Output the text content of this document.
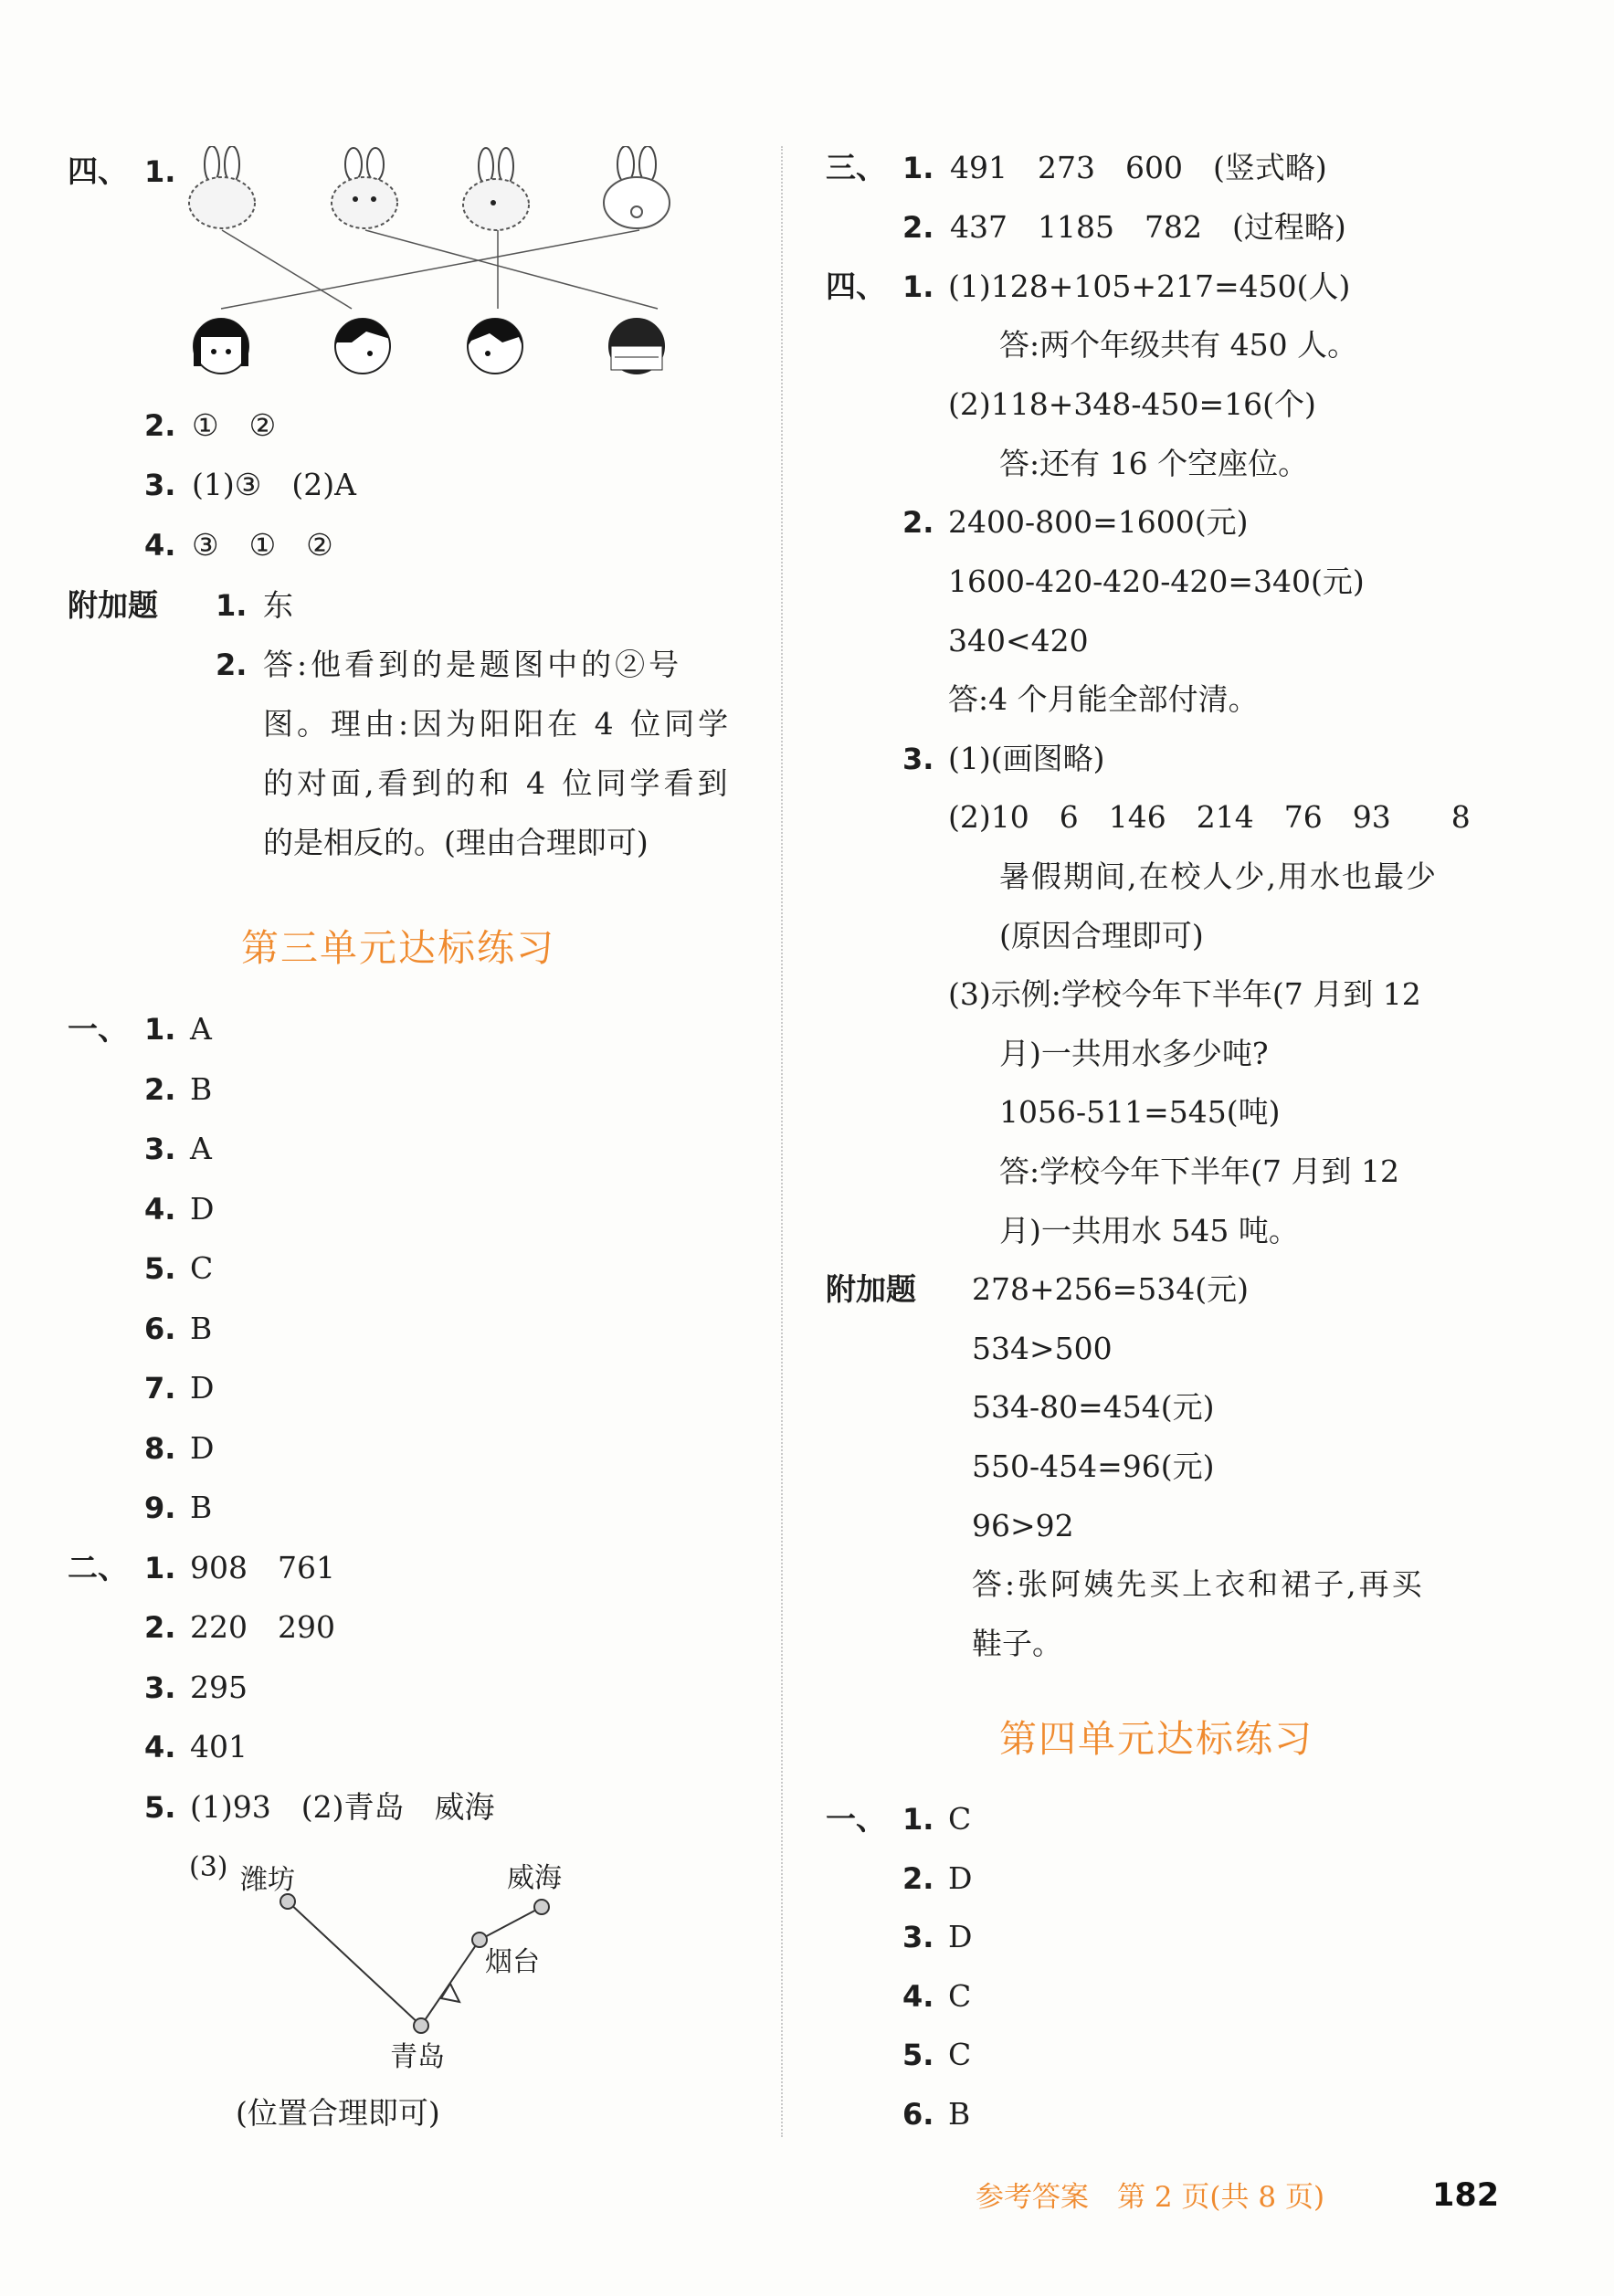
四、 1.
2. ①　②
3. (1)③　(2)A
4. ③　①　②
附加题 1. 东
2. 答:他看到的是题图中的②号
图。理由:因为阳阳在 4 位同学
的对面,看到的和 4 位同学看到
的是相反的。(理由合理即可)
第三单元达标练习
一、 1. A
2. B
3. A
4. D
5. C
6. B
7. D
8. D
9. B
二、 1. 908　761
2. 220　290
3. 295
4. 401
5. (1)93　(2)青岛　威海
(3) 潍坊	威海
烟台
青岛
(位置合理即可)
三、 1. 491　273　600　(竖式略)
2. 437　1185　782　(过程略)
四、 1. (1)128+105+217=450(人)
答:两个年级共有 450 人。
(2)118+348-450=16(个)
答:还有 16 个空座位。
2. 2400-800=1600(元)
1600-420-420-420=340(元)
340<420
答:4 个月能全部付清。
3. (1)(画图略)
(2)10　6　146　214　76　93　　8
暑假期间,在校人少,用水也最少
(原因合理即可)
(3)示例:学校今年下半年(7 月到 12
月)一共用水多少吨?
1056-511=545(吨)
答:学校今年下半年(7 月到 12
月)一共用水 545 吨。
附加题 278+256=534(元)
534>500
534-80=454(元)
550-454=96(元)
96>92
答:张阿姨先买上衣和裙子,再买
鞋子。
第四单元达标练习
一、 1. C
2. D
3. D
4. C
5. C
6. B
参考答案　第 2 页(共 8 页)	182
